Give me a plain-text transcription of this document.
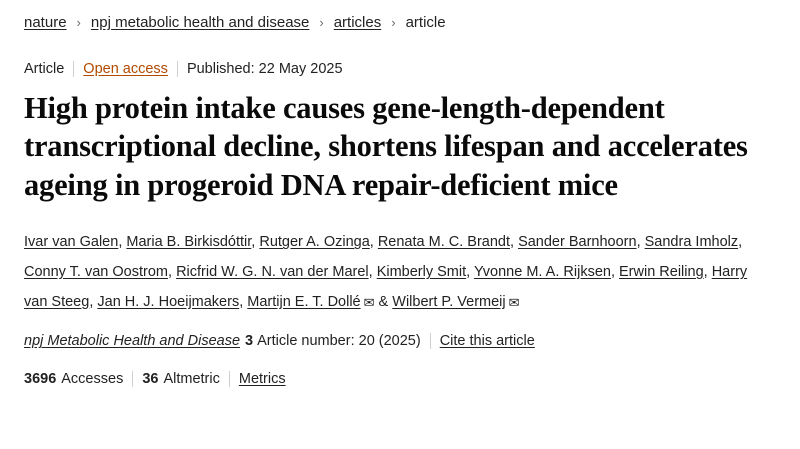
nature › npj metabolic health and disease › articles › article
Article Open access Published: 22 May 2025
High protein intake causes gene-length-dependent transcriptional decline, shortens lifespan and accelerates ageing in progeroid DNA repair-deficient mice
Ivar van Galen, Maria B. Birkisdóttir, Rutger A. Ozinga, Renata M. C. Brandt, Sander Barnhoorn, Sandra Imholz, Conny T. van Oostrom, Ricfrid W. G. N. van der Marel, Kimberly Smit, Yvonne M. A. Rijksen, Erwin Reiling, Harry van Steeg, Jan H. J. Hoeijmakers, Martijn E. T. Dollé ✉ & Wilbert P. Vermeij ✉
npj Metabolic Health and Disease 3 Article number: 20 (2025) Cite this article
3696 Accesses 36 Altmetric Metrics
